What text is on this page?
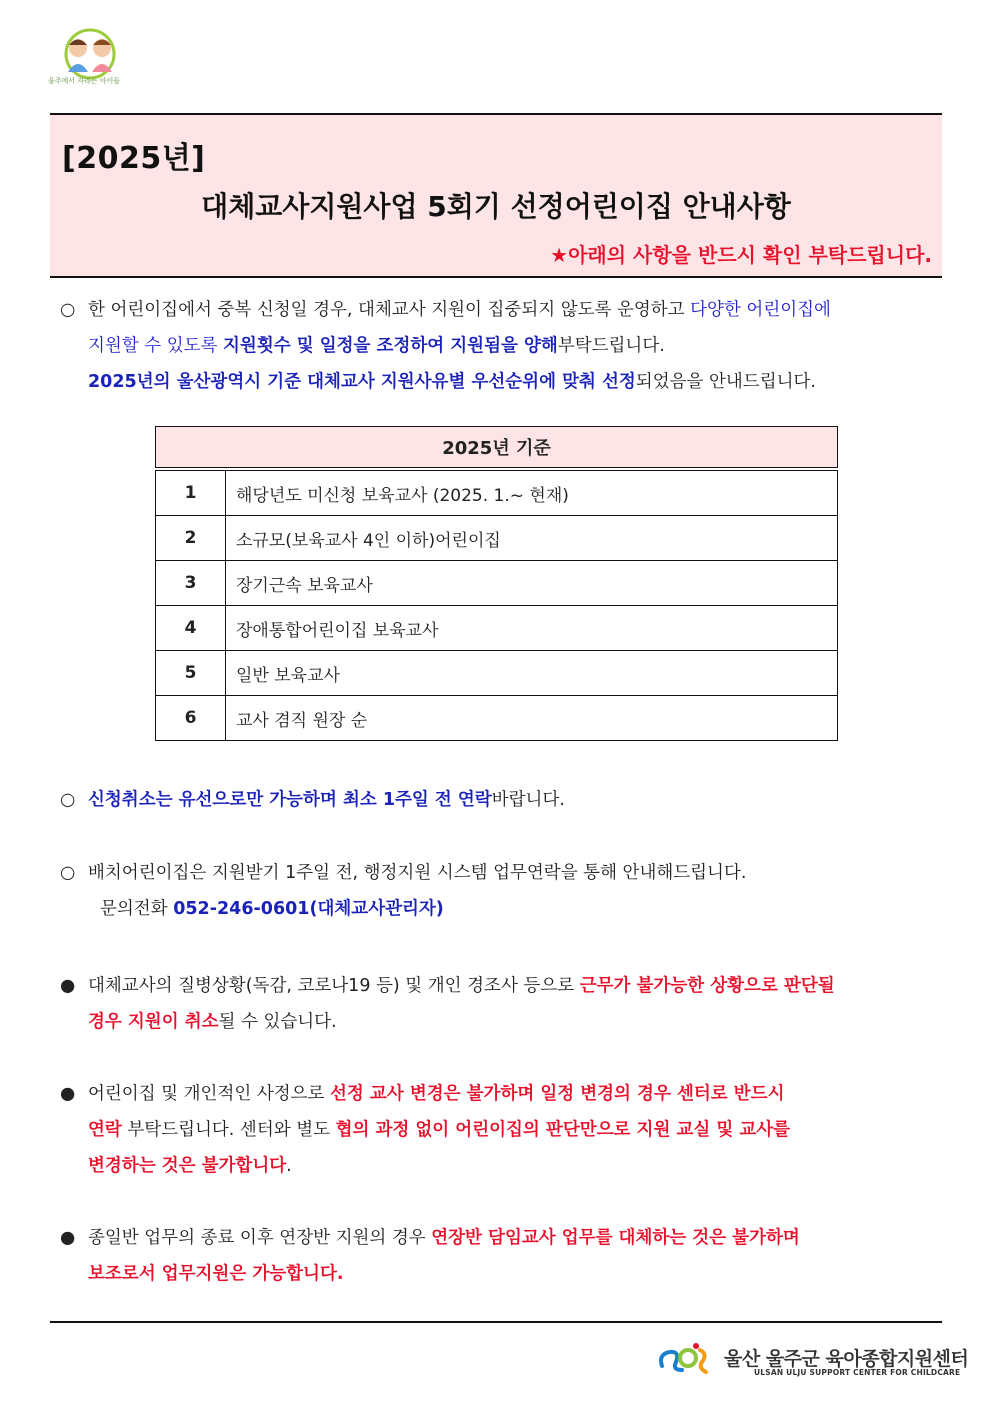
울주에서 자라는 아이들
[2025년]
대체교사지원사업 5회기 선정어린이집 안내사항
★아래의 사항을 반드시 확인 부탁드립니다.
○ 한 어린이집에서 중복 신청일 경우, 대체교사 지원이 집중되지 않도록 운영하고 다양한 어린이집에
지원할 수 있도록 지원횟수 및 일정을 조정하여 지원됨을 양해부탁드립니다.
2025년의 울산광역시 기준 대체교사 지원사유별 우선순위에 맞춰 선정되었음을 안내드립니다.
2025년 기준	

1	해당년도 미신청 보육교사 (2025. 1.~ 현재)
2	소규모(보육교사 4인 이하)어린이집
3	장기근속 보육교사
4	장애통합어린이집 보육교사
5	일반 보육교사
6	교사 겸직 원장 순
○ 신청취소는 유선으로만 가능하며 최소 1주일 전 연락바랍니다.
○ 배치어린이집은 지원받기 1주일 전, 행정지원 시스템 업무연락을 통해 안내해드립니다.
문의전화 052-246-0601(대체교사관리자)
● 대체교사의 질병상황(독감, 코로나19 등) 및 개인 경조사 등으로 근무가 불가능한 상황으로 판단될
경우 지원이 취소될 수 있습니다.
● 어린이집 및 개인적인 사정으로 선정 교사 변경은 불가하며 일정 변경의 경우 센터로 반드시
연락 부탁드립니다. 센터와 별도 협의 과정 없이 어린이집의 판단만으로 지원 교실 및 교사를
변경하는 것은 불가합니다.
● 종일반 업무의 종료 이후 연장반 지원의 경우 연장반 담임교사 업무를 대체하는 것은 불가하며
보조로서 업무지원은 가능합니다.
울산 울주군 육아종합지원센터
ULSAN ULJU SUPPORT CENTER FOR CHILDCARE
